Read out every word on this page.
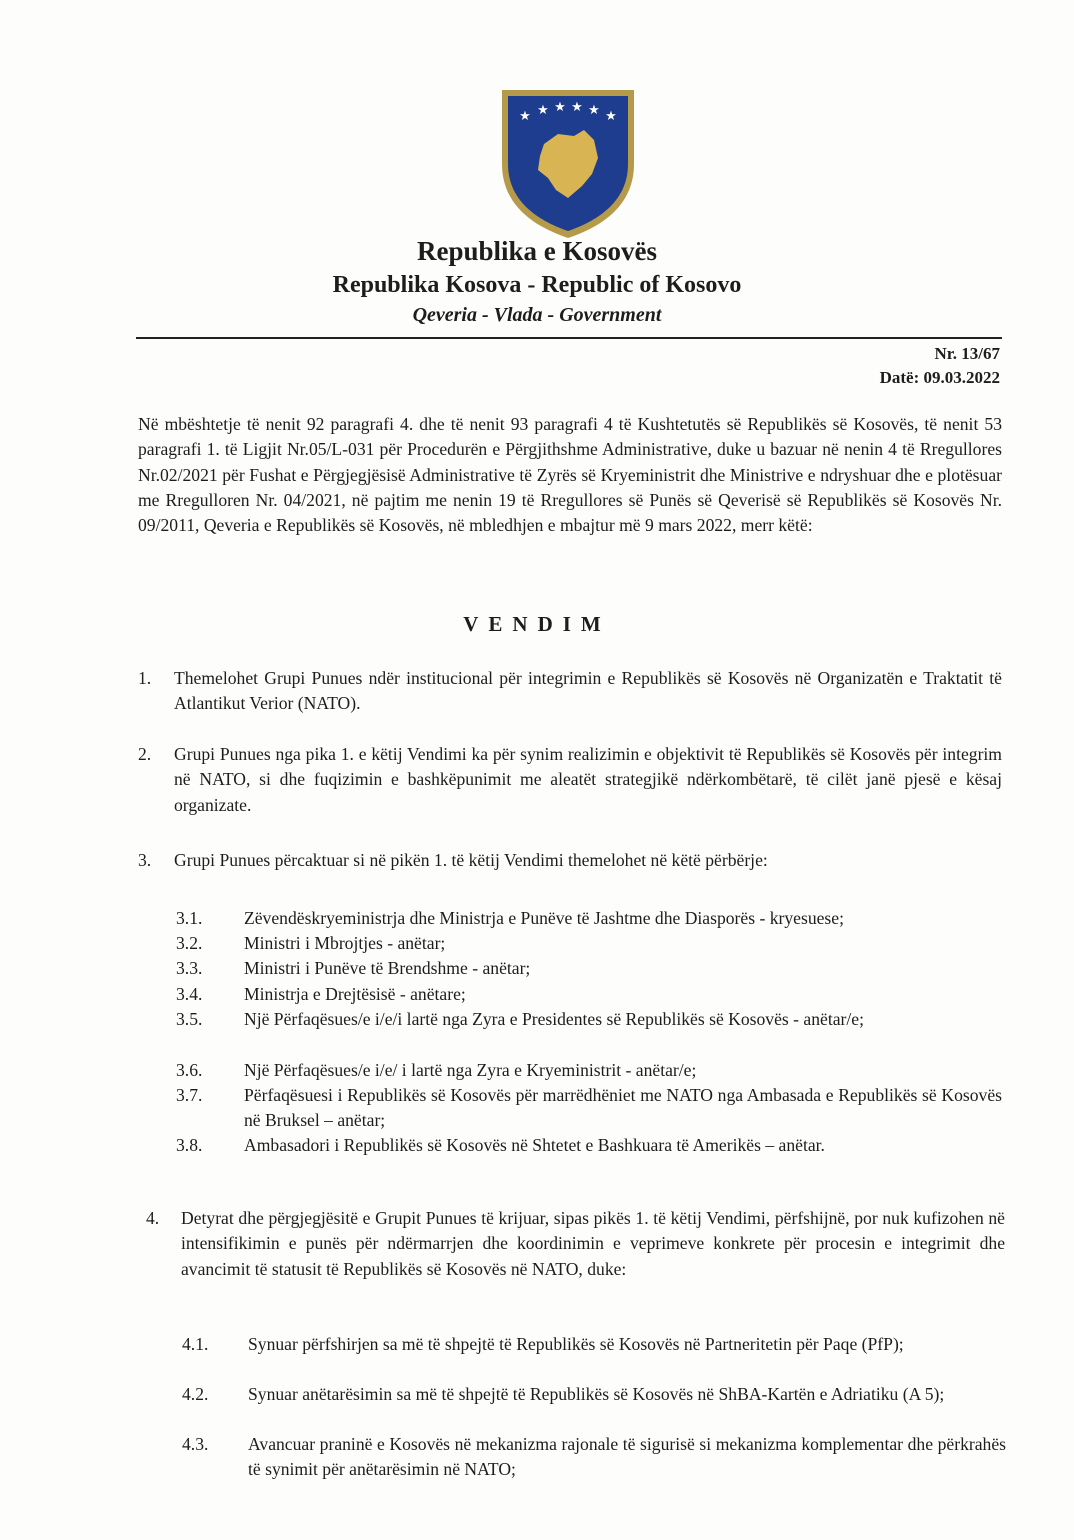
★ ★ ★ ★ ★ ★
Republika e Kosovës
Republika Kosova - Republic of Kosovo
Qeveria - Vlada - Government
Nr. 13/67
Datë: 09.03.2022
Në mbështetje të nenit 92 paragrafi 4. dhe të nenit 93 paragrafi 4 të Kushtetutës së Republikës së Kosovës, të nenit 53 paragrafi 1. të Ligjit Nr.05/L-031 për Procedurën e Përgjithshme Administrative, duke u bazuar në nenin 4 të Rregullores Nr.02/2021 për Fushat e Përgjegjësisë Administrative të Zyrës së Kryeministrit dhe Ministrive e ndryshuar dhe e plotësuar me Rregulloren Nr. 04/2021, në pajtim me nenin 19 të Rregullores së Punës së Qeverisë së Republikës së Kosovës Nr. 09/2011, Qeveria e Republikës së Kosovës, në mbledhjen e mbajtur më 9 mars 2022, merr këtë:
VENDIM
1. Themelohet Grupi Punues ndër institucional për integrimin e Republikës së Kosovës në Organizatën e Traktatit të Atlantikut Verior (NATO).
2. Grupi Punues nga pika 1. e këtij Vendimi ka për synim realizimin e objektivit të Republikës së Kosovës për integrim në NATO, si dhe fuqizimin e bashkëpunimit me aleatët strategjikë ndërkombëtarë, të cilët janë pjesë e kësaj organizate.
3. Grupi Punues përcaktuar si në pikën 1. të këtij Vendimi themelohet në këtë përbërje:
3.1. Zëvendëskryeministrja dhe Ministrja e Punëve të Jashtme dhe Diasporës - kryesuese;
3.2. Ministri i Mbrojtjes - anëtar;
3.3. Ministri i Punëve të Brendshme - anëtar;
3.4. Ministrja e Drejtësisë - anëtare;
3.5. Një Përfaqësues/e i/e/i lartë nga Zyra e Presidentes së Republikës së Kosovës - anëtar/e;
3.6. Një Përfaqësues/e i/e/ i lartë nga Zyra e Kryeministrit - anëtar/e;
3.7. Përfaqësuesi i Republikës së Kosovës për marrëdhëniet me NATO nga Ambasada e Republikës së Kosovës në Bruksel – anëtar;
3.8. Ambasadori i Republikës së Kosovës në Shtetet e Bashkuara të Amerikës – anëtar.
4. Detyrat dhe përgjegjësitë e Grupit Punues të krijuar, sipas pikës 1. të këtij Vendimi, përfshijnë, por nuk kufizohen në intensifikimin e punës për ndërmarrjen dhe koordinimin e veprimeve konkrete për procesin e integrimit dhe avancimit të statusit të Republikës së Kosovës në NATO, duke:
4.1. Synuar përfshirjen sa më të shpejtë të Republikës së Kosovës në Partneritetin për Paqe (PfP);
4.2. Synuar anëtarësimin sa më të shpejtë të Republikës së Kosovës në ShBA-Kartën e Adriatiku (A 5);
4.3. Avancuar praninë e Kosovës në mekanizma rajonale të sigurisë si mekanizma komplementar dhe përkrahës të synimit për anëtarësimin në NATO;
